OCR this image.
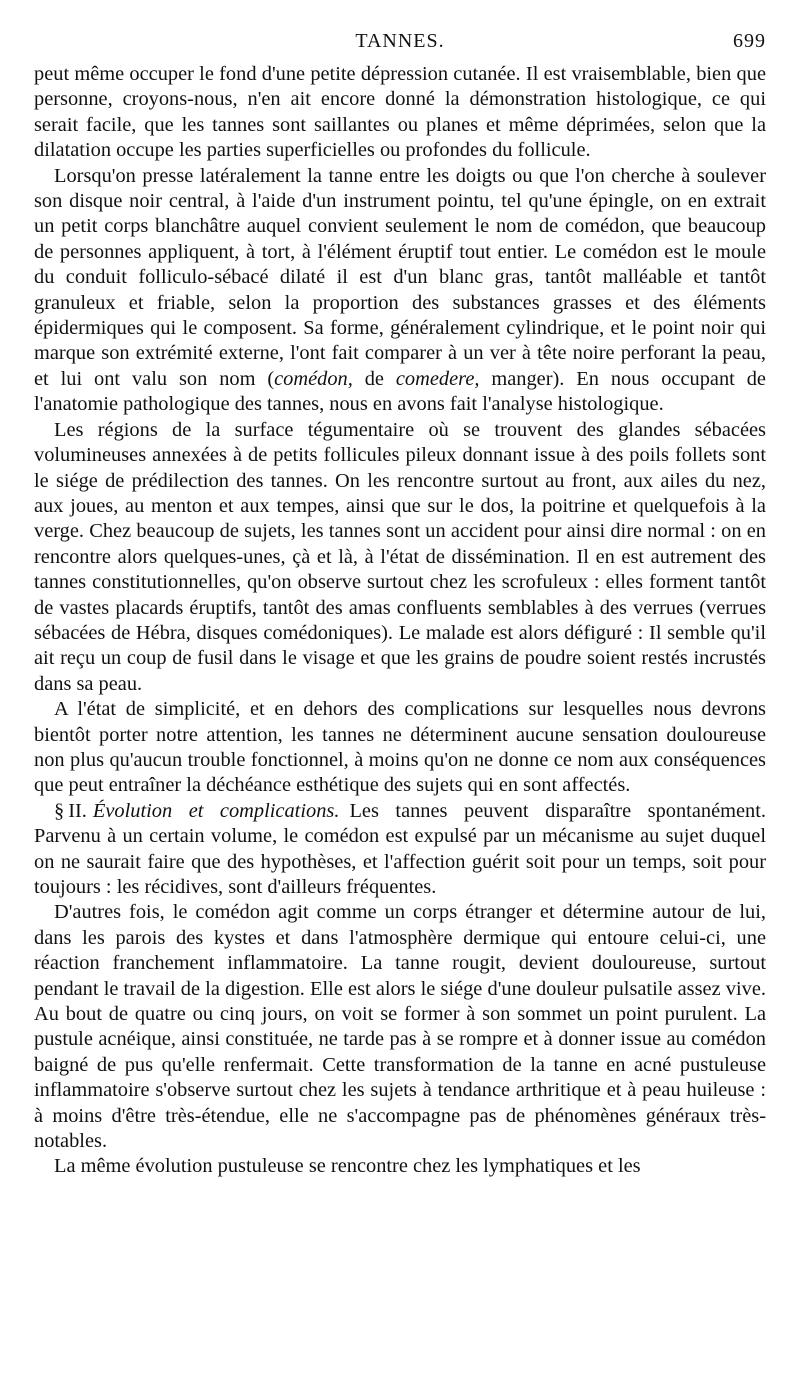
TANNES.	699

peut même occuper le fond d'une petite dépression cutanée. Il est vraisemblable, bien que personne, croyons-nous, n'en ait encore donné la démonstration histologique, ce qui serait facile, que les tannes sont saillantes ou planes et même déprimées, selon que la dilatation occupe les parties superficielles ou profondes du follicule.

Lorsqu'on presse latéralement la tanne entre les doigts ou que l'on cherche à soulever son disque noir central, à l'aide d'un instrument pointu, tel qu'une épingle, on en extrait un petit corps blanchâtre auquel convient seulement le nom de comédon, que beaucoup de personnes appliquent, à tort, à l'élément éruptif tout entier. Le comédon est le moule du conduit folliculo-sébacé dilaté il est d'un blanc gras, tantôt malléable et tantôt granuleux et friable, selon la proportion des substances grasses et des éléments épidermiques qui le composent. Sa forme, généralement cylindrique, et le point noir qui marque son extrémité externe, l'ont fait comparer à un ver à tête noire perforant la peau, et lui ont valu son nom (comédon, de comedere, manger). En nous occupant de l'anatomie pathologique des tannes, nous en avons fait l'analyse histologique.

Les régions de la surface tégumentaire où se trouvent des glandes sébacées volumineuses annexées à de petits follicules pileux donnant issue à des poils follets sont le siége de prédilection des tannes. On les rencontre surtout au front, aux ailes du nez, aux joues, au menton et aux tempes, ainsi que sur le dos, la poitrine et quelquefois à la verge. Chez beaucoup de sujets, les tannes sont un accident pour ainsi dire normal : on en rencontre alors quelques-unes, çà et là, à l'état de dissémination. Il en est autrement des tannes constitutionnelles, qu'on observe surtout chez les scrofuleux : elles forment tantôt de vastes placards éruptifs, tantôt des amas confluents semblables à des verrues (verrues sébacées de Hébra, disques comédoniques). Le malade est alors défiguré : Il semble qu'il ait reçu un coup de fusil dans le visage et que les grains de poudre soient restés incrustés dans sa peau.

A l'état de simplicité, et en dehors des complications sur lesquelles nous devrons bientôt porter notre attention, les tannes ne déterminent aucune sensation douloureuse non plus qu'aucun trouble fonctionnel, à moins qu'on ne donne ce nom aux conséquences que peut entraîner la déchéance esthétique des sujets qui en sont affectés.

§ II. Évolution et complications. Les tannes peuvent disparaître spontanément. Parvenu à un certain volume, le comédon est expulsé par un mécanisme au sujet duquel on ne saurait faire que des hypothèses, et l'affection guérit soit pour un temps, soit pour toujours : les récidives, sont d'ailleurs fréquentes.

D'autres fois, le comédon agit comme un corps étranger et détermine autour de lui, dans les parois des kystes et dans l'atmosphère dermique qui entoure celui-ci, une réaction franchement inflammatoire. La tanne rougit, devient douloureuse, surtout pendant le travail de la digestion. Elle est alors le siége d'une douleur pulsatile assez vive. Au bout de quatre ou cinq jours, on voit se former à son sommet un point purulent. La pustule acnéique, ainsi constituée, ne tarde pas à se rompre et à donner issue au comédon baigné de pus qu'elle renfermait. Cette transformation de la tanne en acné pustuleuse inflammatoire s'observe surtout chez les sujets à tendance arthritique et à peau huileuse : à moins d'être très-étendue, elle ne s'accompagne pas de phénomènes généraux très-notables.

La même évolution pustuleuse se rencontre chez les lymphatiques et les
